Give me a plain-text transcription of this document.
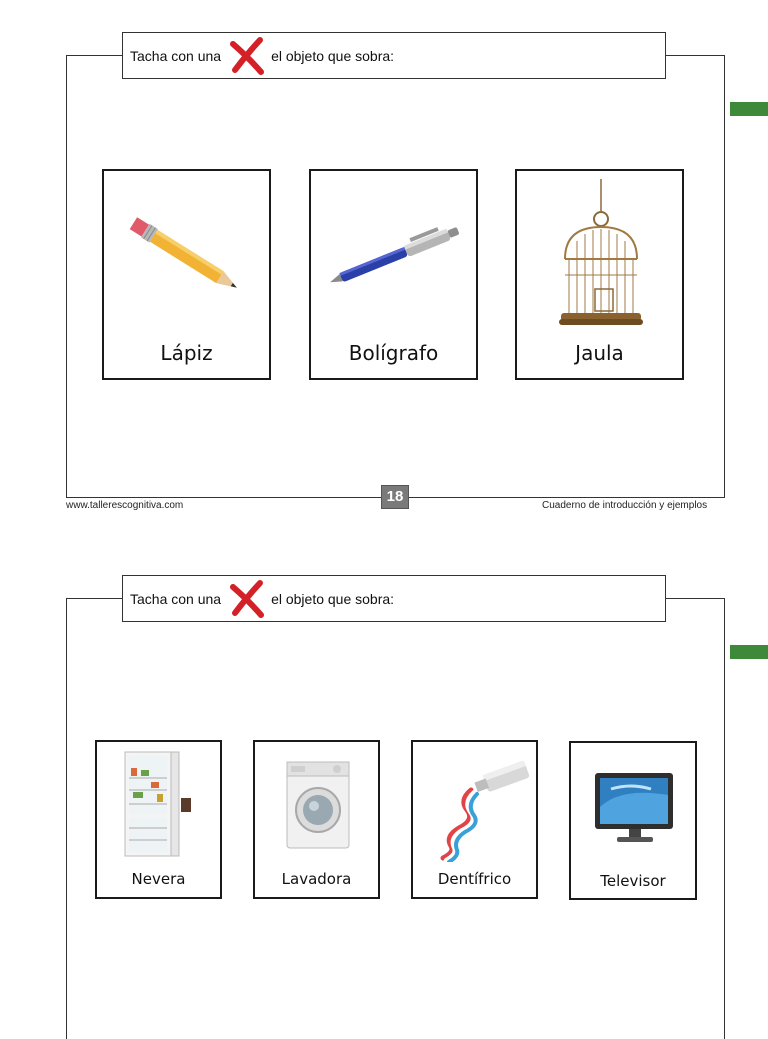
Tacha con una	el objeto que sobra:
Lápiz	Bolígrafo	Jaula
www.tallerescognitiva.com
18
Cuaderno de introducción y ejemplos
Tacha con una	el objeto que sobra:
Nevera	Lavadora	Dentífrico	Televisor
